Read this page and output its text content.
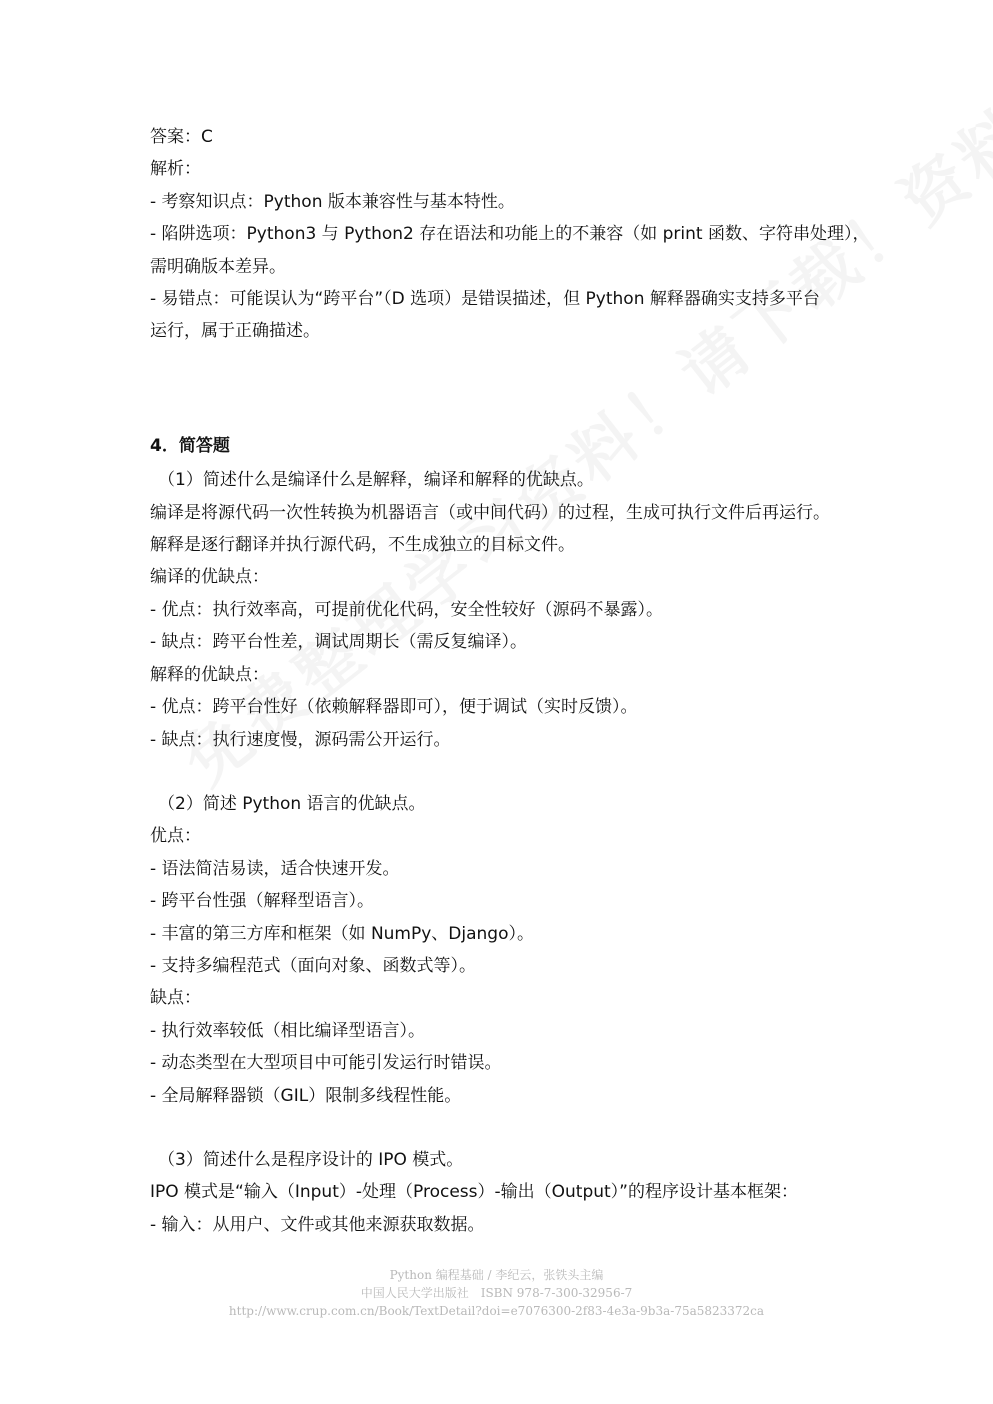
答案：C
解析：
- 考察知识点：Python 版本兼容性与基本特性。
- 陷阱选项：Python3 与 Python2 存在语法和功能上的不兼容（如 print 函数、字符串处理），
需明确版本差异。
- 易错点：可能误认为“跨平台”（D 选项）是错误描述，但 Python 解释器确实支持多平台
运行，属于正确描述。
4．简答题
（1）简述什么是编译什么是解释，编译和解释的优缺点。
编译是将源代码一次性转换为机器语言（或中间代码）的过程，生成可执行文件后再运行。
解释是逐行翻译并执行源代码，不生成独立的目标文件。
编译的优缺点：
- 优点：执行效率高，可提前优化代码，安全性较好（源码不暴露）。
- 缺点：跨平台性差，调试周期长（需反复编译）。
解释的优缺点：
- 优点：跨平台性好（依赖解释器即可），便于调试（实时反馈）。
- 缺点：执行速度慢，源码需公开运行。
（2）简述 Python 语言的优缺点。
优点：
- 语法简洁易读，适合快速开发。
- 跨平台性强（解释型语言）。
- 丰富的第三方库和框架（如 NumPy、Django）。
- 支持多编程范式（面向对象、函数式等）。
缺点：
- 执行效率较低（相比编译型语言）。
- 动态类型在大型项目中可能引发运行时错误。
- 全局解释器锁（GIL）限制多线程性能。
（3）简述什么是程序设计的 IPO 模式。
IPO 模式是“输入（Input）-处理（Process）-输出（Output）”的程序设计基本框架：
- 输入：从用户、文件或其他来源获取数据。
Python 编程基础 / 李纪云，张铁头主编
中国人民大学出版社　ISBN 978-7-300-32956-7
http://www.crup.com.cn/Book/TextDetail?doi=e7076300-2f83-4e3a-9b3a-75a5823372ca
